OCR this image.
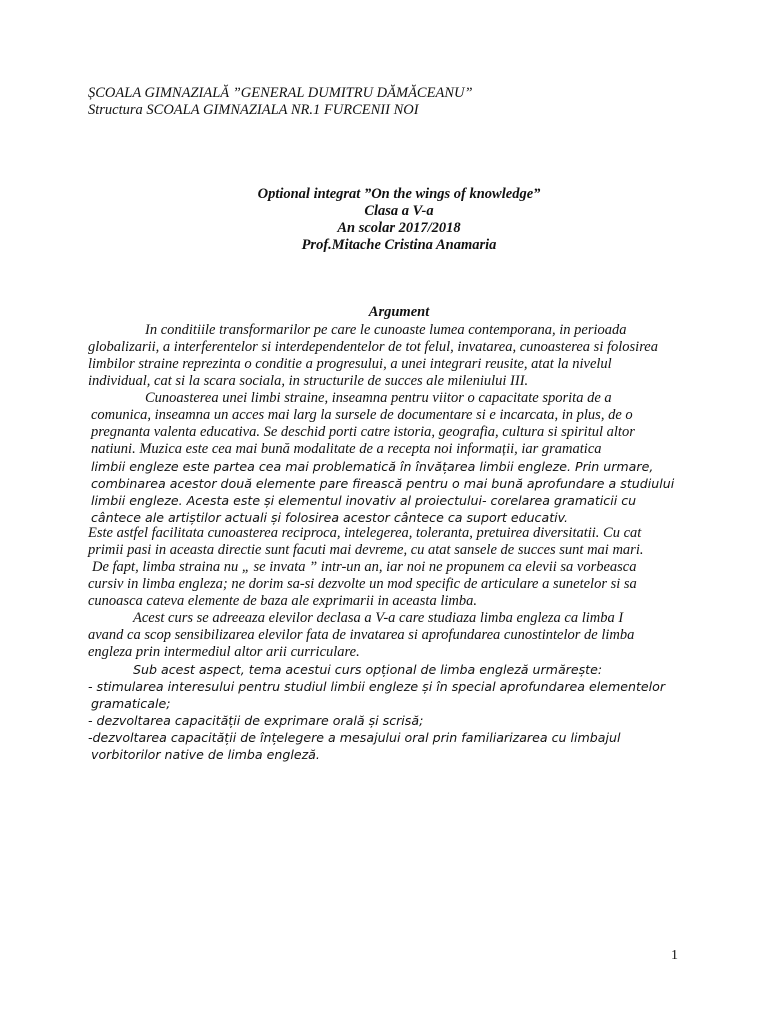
ȘCOALA GIMNAZIALĂ ”GENERAL DUMITRU DĂMĂCEANU”
Structura SCOALA GIMNAZIALA NR.1 FURCENII NOI
Optional integrat ”On the wings of knowledge”
Clasa a V-a
An scolar 2017/2018
Prof.Mitache Cristina Anamaria
Argument
In conditiile transformarilor pe care le cunoaste lumea contemporana, in perioada
globalizarii, a interferentelor si interdependentelor de tot felul, invatarea, cunoasterea si folosirea
limbilor straine reprezinta o conditie a progresului, a unei integrari reusite, atat la nivelul
individual, cat si la scara sociala, in structurile de succes ale mileniului III.
Cunoasterea unei limbi straine, inseamna pentru viitor o capacitate sporita de a
comunica, inseamna un acces mai larg la sursele de documentare si e incarcata, in plus, de o
pregnanta valenta educativa. Se deschid porti catre istoria, geografia, cultura si spiritul altor
natiuni. Muzica este cea mai bună modalitate de a recepta noi informații, iar gramatica
limbii engleze este partea cea mai problematică în învățarea limbii engleze. Prin urmare,
combinarea acestor două elemente pare firească pentru o mai bună aprofundare a studiului
limbii engleze. Acesta este și elementul inovativ al proiectului- corelarea gramaticii cu
cântece ale artiștilor actuali și folosirea acestor cântece ca suport educativ.
Este astfel facilitata cunoasterea reciproca, intelegerea, toleranta, pretuirea diversitatii. Cu cat
primii pasi in aceasta directie sunt facuti mai devreme, cu atat sansele de succes sunt mai mari.
De fapt, limba straina nu „ se invata ” intr-un an, iar noi ne propunem ca elevii sa vorbeasca
cursiv in limba engleza; ne dorim sa-si dezvolte un mod specific de articulare a sunetelor si sa
cunoasca cateva elemente de baza ale exprimarii in aceasta limba.
Acest curs se adreeaza elevilor declasa a V-a care studiaza limba engleza ca limba I
avand ca scop sensibilizarea elevilor fata de invatarea si aprofundarea cunostintelor de limba
engleza prin intermediul altor arii curriculare.
Sub acest aspect, tema acestui curs opțional de limba engleză urmărește:
- stimularea interesului pentru studiul limbii engleze și în special aprofundarea elementelor
gramaticale;
- dezvoltarea capacității de exprimare orală și scrisă;
-dezvoltarea capacității de înțelegere a mesajului oral prin familiarizarea cu limbajul
vorbitorilor native de limba engleză.
1
